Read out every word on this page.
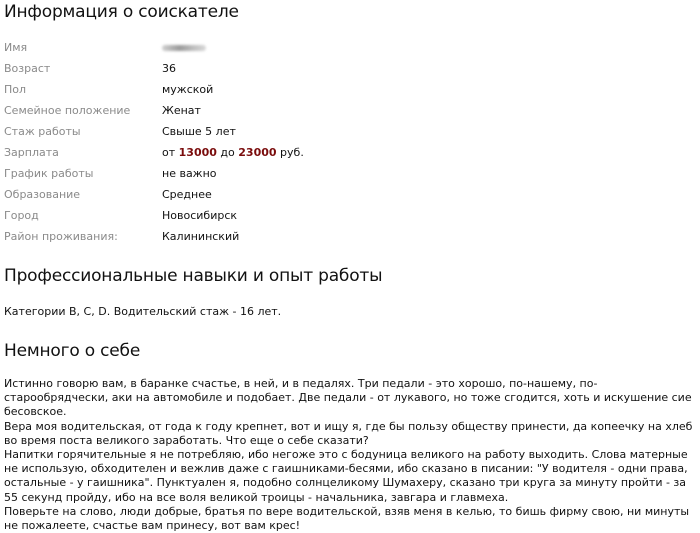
Информация о соискателе
Имя
Возраст	36
Пол	мужской
Семейное положение	Женат
Стаж работы	Свыше 5 лет
Зарплата	от 13000 до 23000 руб.
График работы	не важно
Образование	Среднее
Город	Новосибирск
Район проживания:	Калининский
Профессиональные навыки и опыт работы
Категории B, C, D. Водительский стаж - 16 лет.
Немного о себе

Истинно говорю вам, в баранке счастье, в ней, и в педалях. Три педали - это хорошо, по-нашему, по-старообрядчески, аки на автомобиле и подобает. Две педали - от лукавого, но тоже сгодится, хоть и искушение сие бесовское.

Вера моя водительская, от года к году крепнет, вот и ищу я, где бы пользу обществу принести, да копеечку на хлеб во время поста великого заработать. Что еще о себе сказати?

Напитки горячительные я не потребляю, ибо негоже это с бодуница великого на работу выходить. Слова матерные не использую, обходителен и вежлив даже с гаишниками-бесями, ибо сказано в писании: "У водителя - одни права, остальные - у гаишника". Пунктуален я, подобно солнцеликому Шумахеру, сказано три круга за минуту пройти - за 55 секунд пройду, ибо на все воля великой троицы - начальника, завгара и главмеха.

Поверьте на слово, люди добрые, братья по вере водительской, взяв меня в келью, то бишь фирму свою, ни минуты не пожалеете, счастье вам принесу, вот вам крес!
